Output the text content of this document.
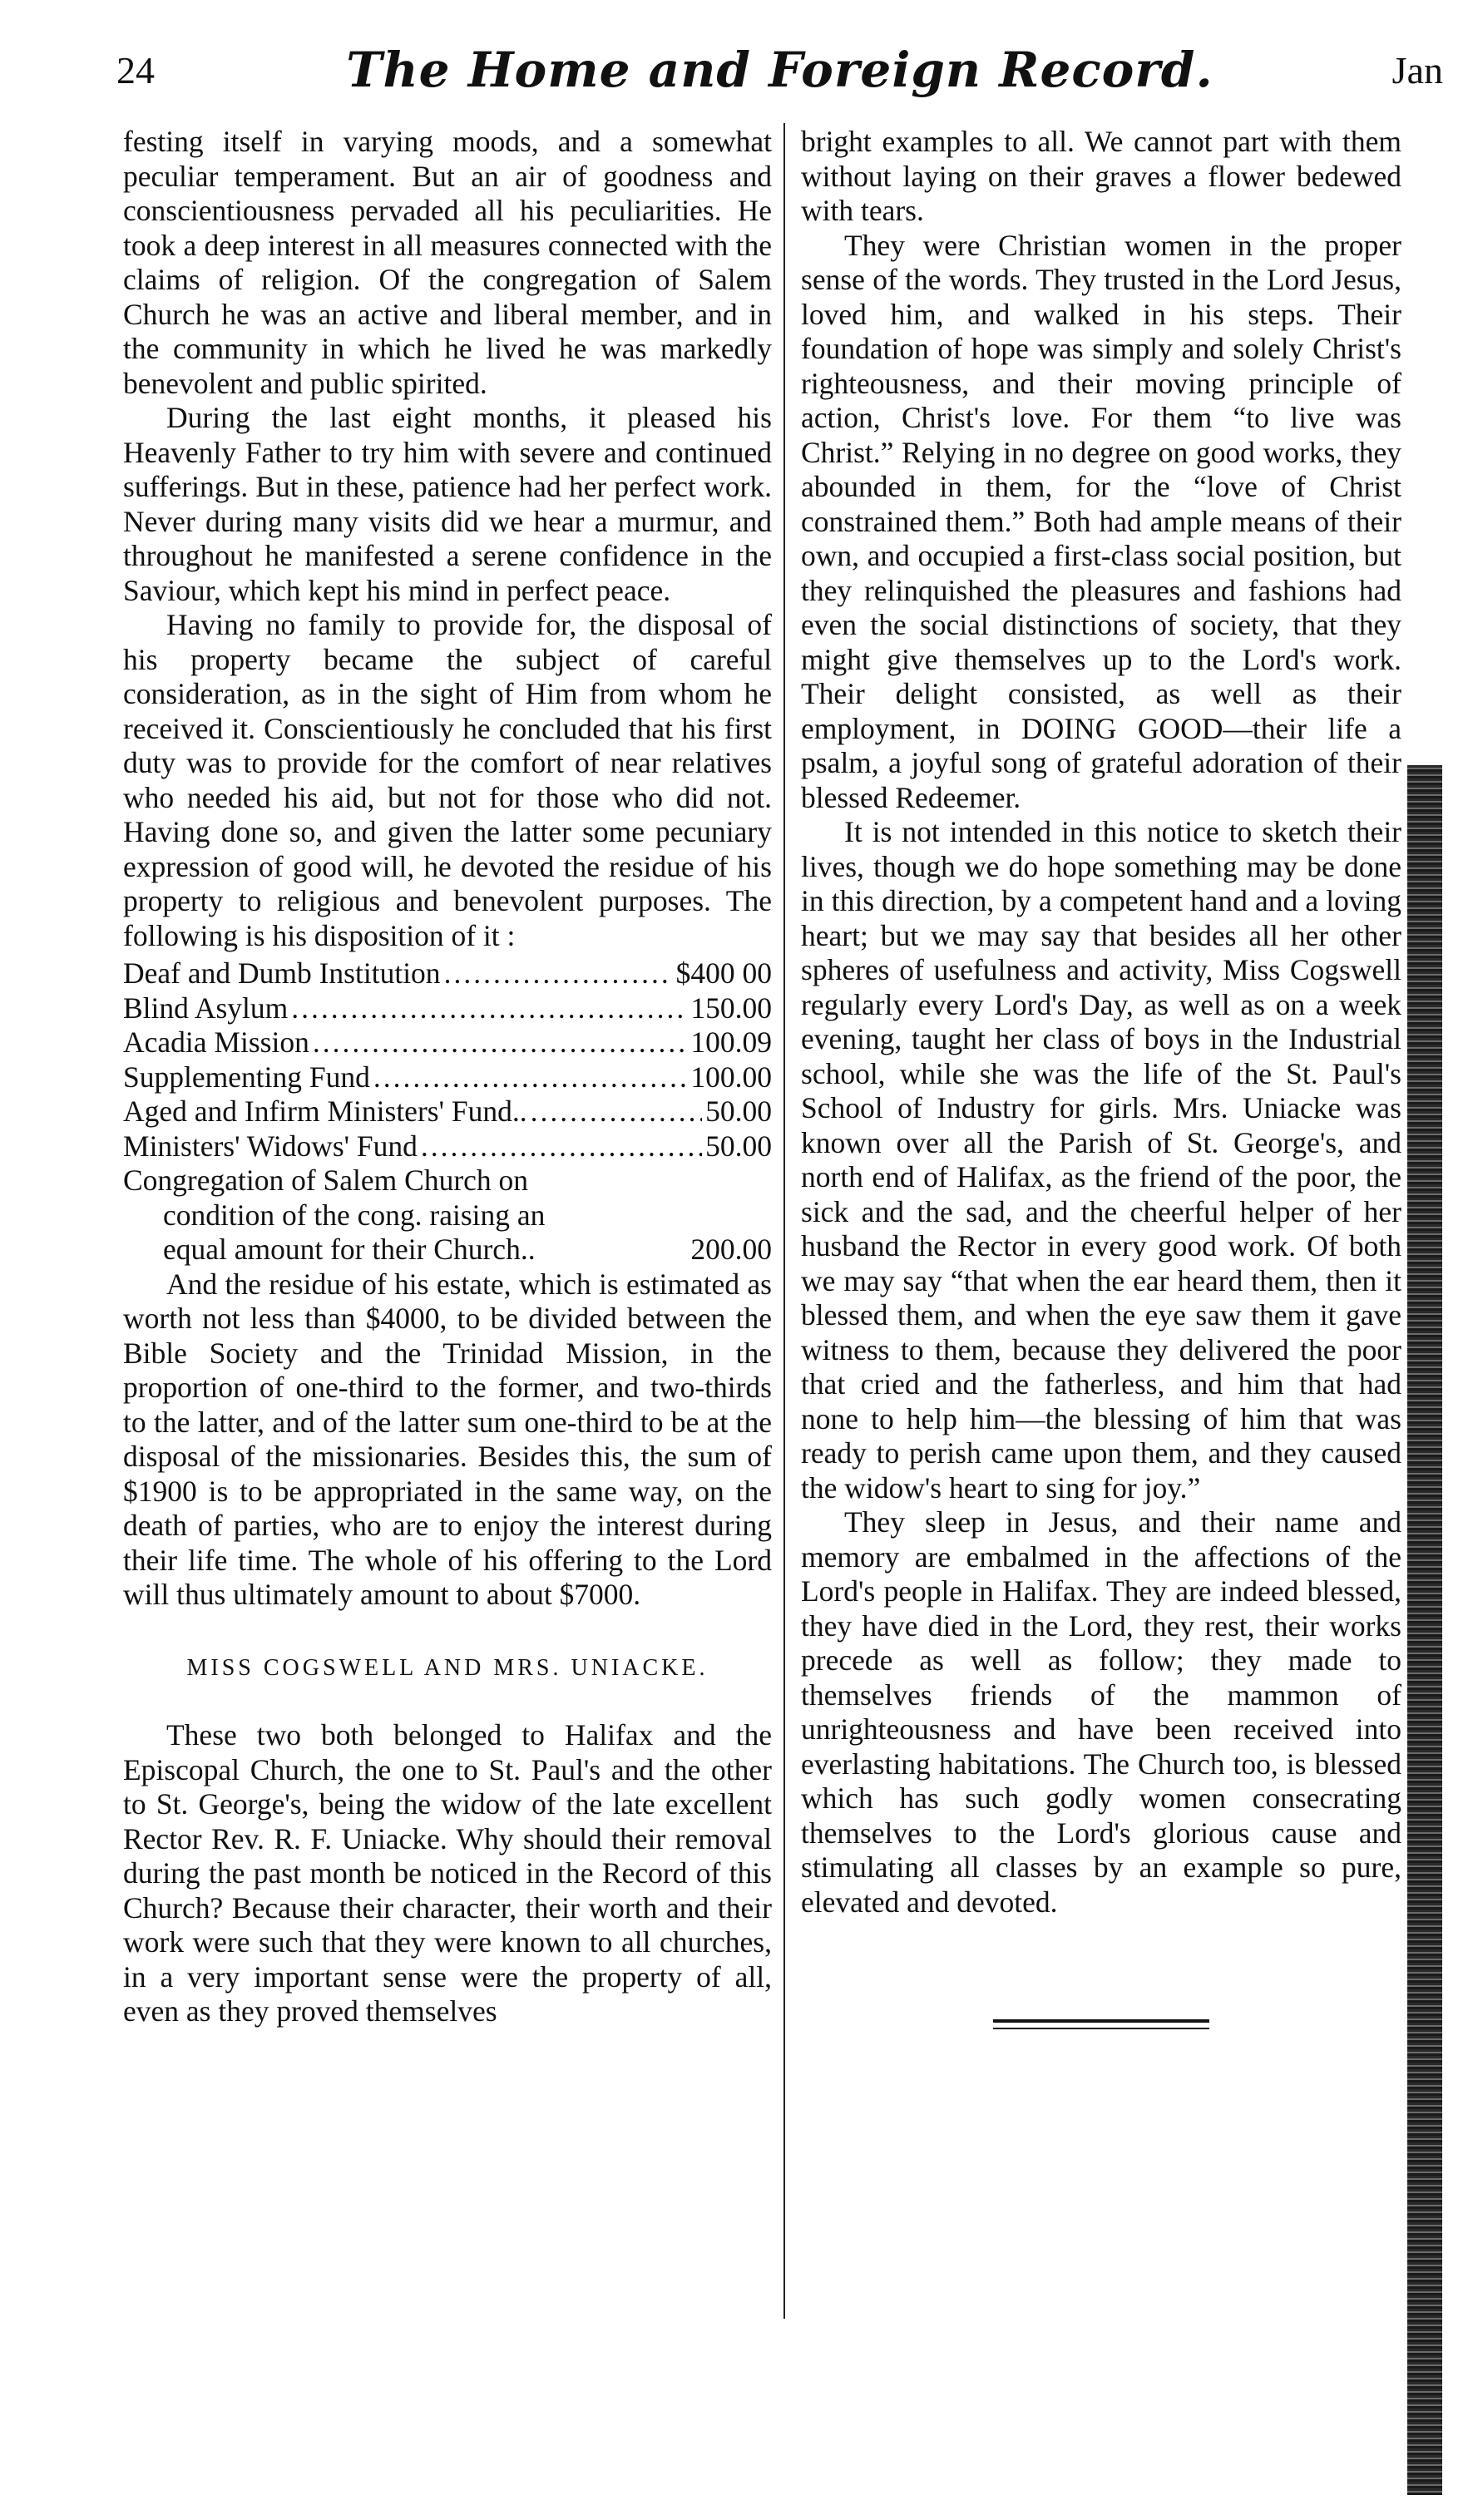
24	The Home and Foreign Record.	Jan

festing itself in varying moods, and a somewhat peculiar temperament. But an air of goodness and conscientiousness pervaded all his peculiarities. He took a deep interest in all measures connected with the claims of religion. Of the congregation of Salem Church he was an active and liberal member, and in the community in which he lived he was markedly benevolent and public spirited.

During the last eight months, it pleased his Heavenly Father to try him with severe and continued sufferings. But in these, patience had her perfect work. Never during many visits did we hear a murmur, and throughout he manifested a serene confidence in the Saviour, which kept his mind in perfect peace.

Having no family to provide for, the disposal of his property became the subject of careful consideration, as in the sight of Him from whom he received it. Conscientiously he concluded that his first duty was to provide for the comfort of near relatives who needed his aid, but not for those who did not. Having done so, and given the latter some pecuniary expression of good will, he devoted the residue of his property to religious and benevolent purposes. The following is his disposition of it :

Deaf and Dumb Institution .....	$400 00
Blind Asylum .....	150.00
Acadia Mission .....	100.09
Supplementing Fund .....	100.00
Aged and Infirm Ministers' Fund.. .....	50.00
Ministers' Widows' Fund .....	50.00
Congregation of Salem Church on
condition of the cong. raising an
equal amount for their Church..	200.00

And the residue of his estate, which is estimated as worth not less than $4000, to be divided between the Bible Society and the Trinidad Mission, in the proportion of one-third to the former, and two-thirds to the latter, and of the latter sum one-third to be at the disposal of the missionaries. Besides this, the sum of $1900 is to be appropriated in the same way, on the death of parties, who are to enjoy the interest during their life time. The whole of his offering to the Lord will thus ultimately amount to about $7000.

MISS COGSWELL AND MRS. UNIACKE.

These two both belonged to Halifax and the Episcopal Church, the one to St. Paul's and the other to St. George's, being the widow of the late excellent Rector Rev. R. F. Uniacke. Why should their removal during the past month be noticed in the Record of this Church? Because their character, their worth and their work were such that they were known to all churches, in a very important sense were the property of all, even as they proved themselves

bright examples to all. We cannot part with them without laying on their graves a flower bedewed with tears.

They were Christian women in the proper sense of the words. They trusted in the Lord Jesus, loved him, and walked in his steps. Their foundation of hope was simply and solely Christ's righteousness, and their moving principle of action, Christ's love. For them “to live was Christ.” Relying in no degree on good works, they abounded in them, for the “love of Christ constrained them.” Both had ample means of their own, and occupied a first-class social position, but they relinquished the pleasures and fashions had even the social distinctions of society, that they might give themselves up to the Lord's work. Their delight consisted, as well as their employment, in DOING GOOD—their life a psalm, a joyful song of grateful adoration of their blessed Redeemer.

It is not intended in this notice to sketch their lives, though we do hope something may be done in this direction, by a competent hand and a loving heart; but we may say that besides all her other spheres of usefulness and activity, Miss Cogswell regularly every Lord's Day, as well as on a week evening, taught her class of boys in the Industrial school, while she was the life of the St. Paul's School of Industry for girls. Mrs. Uniacke was known over all the Parish of St. George's, and north end of Halifax, as the friend of the poor, the sick and the sad, and the cheerful helper of her husband the Rector in every good work. Of both we may say “that when the ear heard them, then it blessed them, and when the eye saw them it gave witness to them, because they delivered the poor that cried and the fatherless, and him that had none to help him—the blessing of him that was ready to perish came upon them, and they caused the widow's heart to sing for joy.”

They sleep in Jesus, and their name and memory are embalmed in the affections of the Lord's people in Halifax. They are indeed blessed, they have died in the Lord, they rest, their works precede as well as follow; they made to themselves friends of the mammon of unrighteousness and have been received into everlasting habitations. The Church too, is blessed which has such godly women consecrating themselves to the Lord's glorious cause and stimulating all classes by an example so pure, elevated and devoted.
